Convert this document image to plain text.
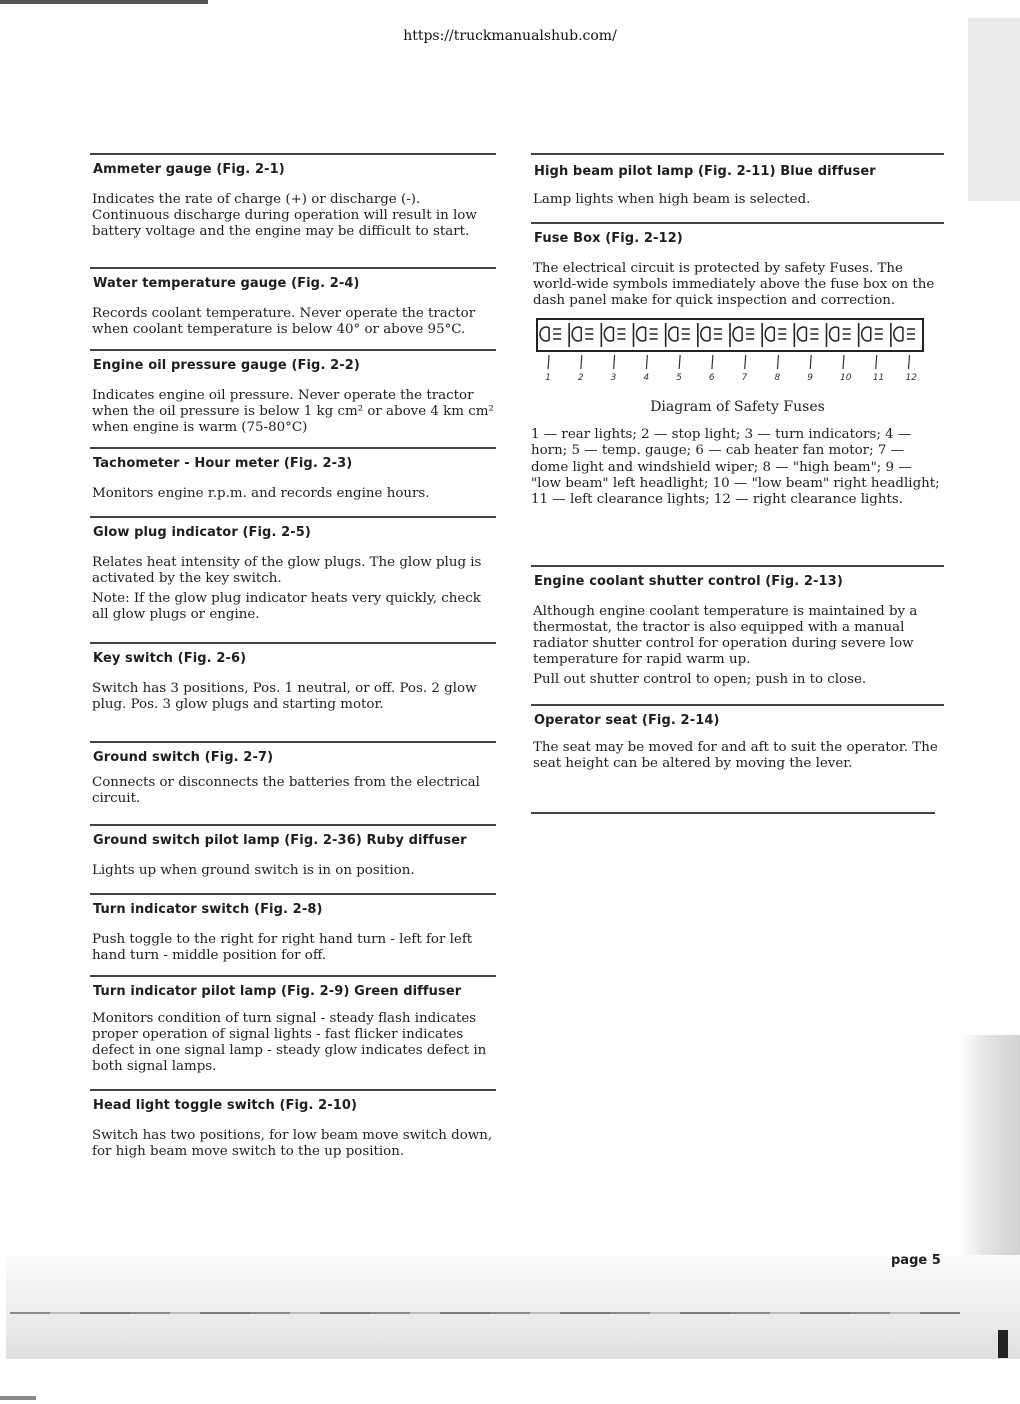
https://truckmanualshub.com/
Ammeter gauge (Fig. 2-1)

Indicates the rate of charge (+) or discharge (-). Continuous discharge during operation will result in low battery voltage and the engine may be difficult to start.

Water temperature gauge (Fig. 2-4)

Records coolant temperature. Never operate the tractor when coolant temperature is below 40° or above 95°C.

Engine oil pressure gauge (Fig. 2-2)

Indicates engine oil pressure. Never operate the tractor when the oil pressure is below 1 kg cm² or above 4 km cm² when engine is warm (75-80°C)

Tachometer - Hour meter (Fig. 2-3)

Monitors engine r.p.m. and records engine hours.

Glow plug indicator (Fig. 2-5)

Relates heat intensity of the glow plugs. The glow plug is activated by the key switch.

Note: If the glow plug indicator heats very quickly, check all glow plugs or engine.

Key switch (Fig. 2-6)

Switch has 3 positions, Pos. 1 neutral, or off. Pos. 2 glow plug. Pos. 3 glow plugs and starting motor.

Ground switch (Fig. 2-7)

Connects or disconnects the batteries from the electrical circuit.

Ground switch pilot lamp (Fig. 2-36) Ruby diffuser

Lights up when ground switch is in on position.

Turn indicator switch (Fig. 2-8)

Push toggle to the right for right hand turn - left for left hand turn - middle position for off.

Turn indicator pilot lamp (Fig. 2-9) Green diffuser

Monitors condition of turn signal - steady flash indicates proper operation of signal lights - fast flicker indicates defect in one signal lamp - steady glow indicates defect in both signal lamps.

Head light toggle switch (Fig. 2-10)

Switch has two positions, for low beam move switch down, for high beam move switch to the up position.

High beam pilot lamp (Fig. 2-11) Blue diffuser

Lamp lights when high beam is selected.

Fuse Box (Fig. 2-12)

The electrical circuit is protected by safety Fuses. The world-wide symbols immediately above the fuse box on the dash panel make for quick inspection and correction.

1	2	3	4	5	6	7	8	9	10 11 12
Diagram of Safety Fuses
1 — rear lights; 2 — stop light; 3 — turn indicators; 4 — horn; 5 — temp. gauge; 6 — cab heater fan motor; 7 — dome light and windshield wiper; 8 — "high beam"; 9 — "low beam" left headlight; 10 — "low beam" right headlight; 11 — left clearance lights; 12 — right clearance lights.
Engine coolant shutter control (Fig. 2-13)

Although engine coolant temperature is maintained by a thermostat, the tractor is also equipped with a manual radiator shutter control for operation during severe low temperature for rapid warm up.

Pull out shutter control to open; push in to close.

Operator seat (Fig. 2-14)

The seat may be moved for and aft to suit the operator. The seat height can be altered by moving the lever.

page 5
